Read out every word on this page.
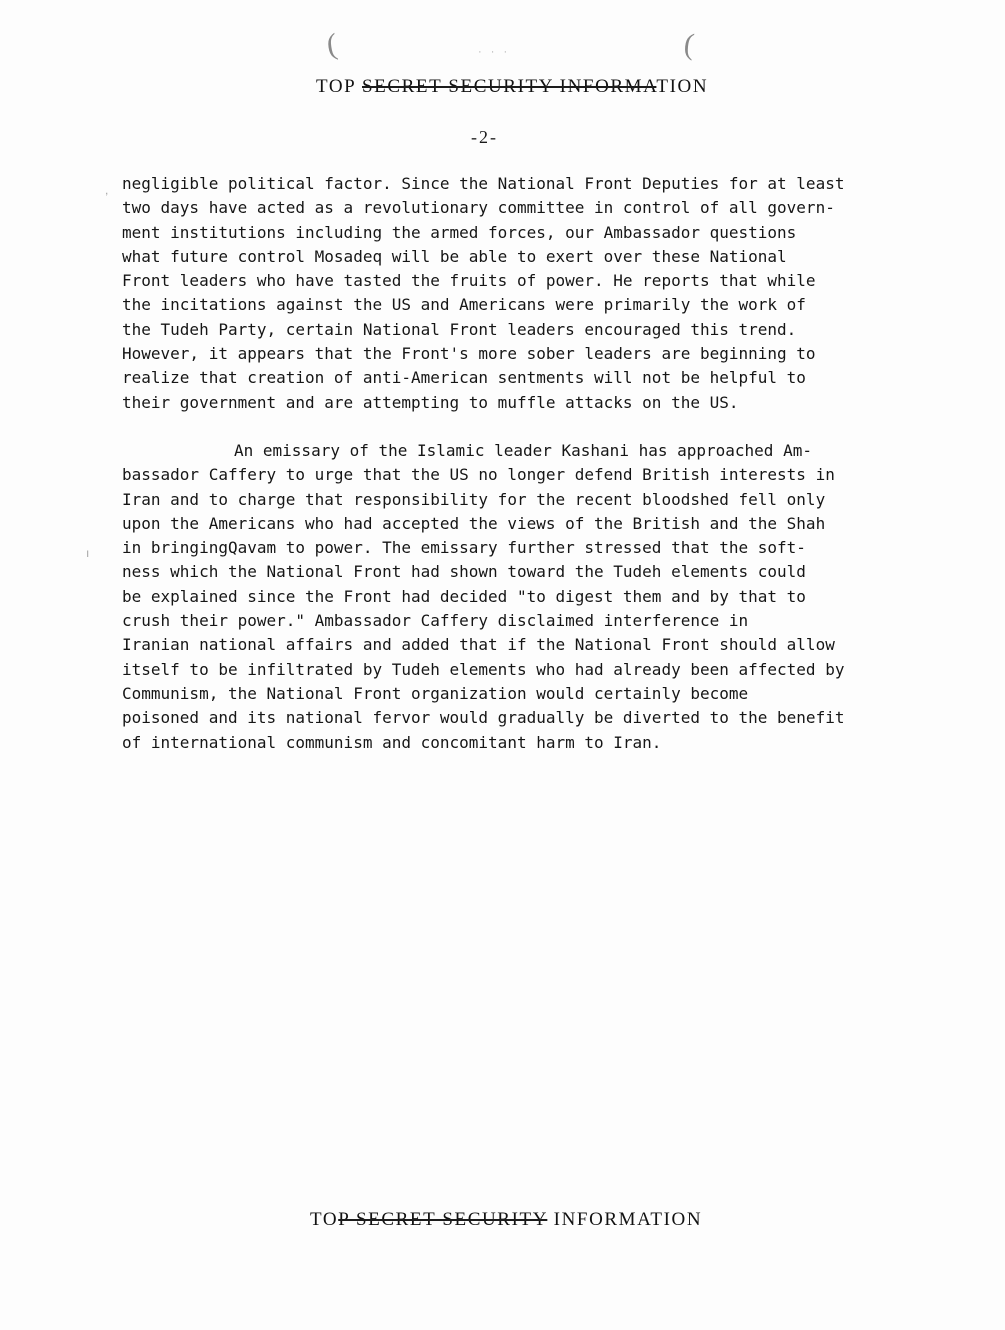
(	· · ·	(
TOP SECRET SECURITY INFORMATION
-2-
,
ı
negligible political factor. Since the National Front Deputies for at least
two days have acted as a revolutionary committee in control of all govern-
ment institutions including the armed forces, our Ambassador questions
what future control Mosadeq will be able to exert over these National
Front leaders who have tasted the fruits of power. He reports that while
the incitations against the US and Americans were primarily the work of
the Tudeh Party, certain National Front leaders encouraged this trend.
However, it appears that the Front's more sober leaders are beginning to
realize that creation of anti-American sentments will not be helpful to
their government and are attempting to muffle attacks on the US.
An emissary of the Islamic leader Kashani has approached Am-
bassador Caffery to urge that the US no longer defend British interests in
Iran and to charge that responsibility for the recent bloodshed fell only
upon the Americans who had accepted the views of the British and the Shah
in bringingQavam to power. The emissary further stressed that the soft-
ness which the National Front had shown toward the Tudeh elements could
be explained since the Front had decided "to digest them and by that to
crush their power." Ambassador Caffery disclaimed interference in
Iranian national affairs and added that if the National Front should allow
itself to be infiltrated by Tudeh elements who had already been affected by
Communism, the National Front organization would certainly become
poisoned and its national fervor would gradually be diverted to the benefit
of international communism and concomitant harm to Iran.
TOP SECRET SECURITY INFORMATION
